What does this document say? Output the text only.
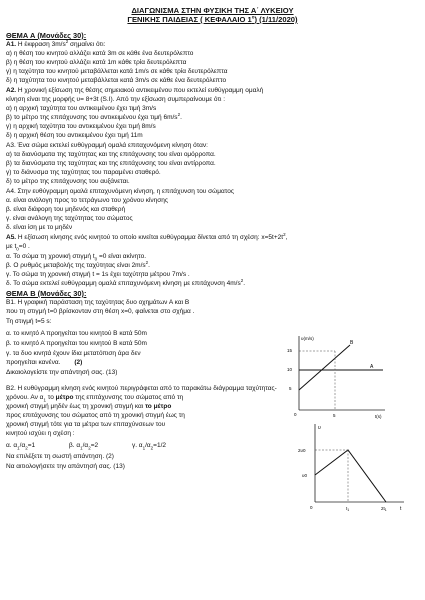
ΔΙΑΓΩΝΙΣΜΑ ΣΤΗΝ ΦΥΣΙΚΗ ΤΗΣ Α΄ ΛΥΚΕΙΟΥ
ΓΕΝΙΚΗΣ ΠΑΙΔΕΙΑΣ ( ΚΕΦΑΛΑΙΟ $1^o$) (1/11/2020)
ΘΕΜΑ Α (Μονάδες 30):
Α1. Η έκφραση $3m/s^2$ σημαίνει ότι:
α) η θέση του κινητού αλλάζει κατά 3m σε κάθε ένα δευτερόλεπτο
β) η θέση του κινητού αλλάζει κατά 1m κάθε τρία δευτερόλεπτα
γ) η ταχύτητα του κινητού μεταβάλλεται κατά 1m/s σε κάθε τρία δευτερόλεπτα
δ) η ταχύτητα του κινητού μεταβάλλεται κατά 3m/s σε κάθε ένα δευτερόλεπτο
Α2. Η χρονική εξίσωση της θέσης σημειακού αντικειμένου που εκτελεί ευθύγραμμη ομαλή
κίνηση είναι της μορφής υ= 8+3t (S.I). Από την εξίσωση συμπεραίνουμε ότι :
α) η αρχική ταχύτητα του αντικειμένου έχει τιμή 3m/s
β) το μέτρο της επιτάχυνσης του αντικειμένου έχει τιμή $6m/s^2$.
γ) η αρχική ταχύτητα του αντικειμένου έχει τιμή 8m/s
δ) η αρχική θέση του αντικειμένου έχει τιμή 11m
Α3. Ένα σώμα εκτελεί ευθύγραμμή ομαλά επιταχυνόμενη κίνηση όταν:
α) τα διανύσματα της ταχύτητας και της επιτάχυνσης του είναι ομόρροπα.
β) τα διανύσματα της ταχύτητας και της επιτάχυνσης του είναι αντίρροπα.
γ) το διάνυσμα της ταχύτητας του παραμένει σταθερό.
δ) το μέτρο της επιτάχυνσης του αυξάνεται.
Α4. Στην ευθύγραμμη ομαλά επιταχυνόμενη κίνηση, η επιτάχυνση του σώματος
α. είναι ανάλογη προς το τετράγωνο του χρόνου κίνησης
β. είναι διάφορη του μηδενός και σταθερή
γ. είναι ανάλογη της ταχύτητας του σώματος
δ. είναι ίση με το μηδέν
Α5. Η εξίσωση κίνησης ενός κινητού το οποίο κινείται ευθύγραμμα δίνεται από τη σχέση: $x=5t+2t^2$,
με $t_0=0$ .
α. Το σώμα τη χρονική στιγμή $t_0 =0$ είναι ακίνητο.
β. Ο ρυθμός μεταβολής της ταχύτητας είναι $2m/s^2$.
γ. Το σώμα τη χρονική στιγμή t = 1s έχει ταχύτητα μέτρου 7m/s .
δ. Το σώμα εκτελεί ευθύγραμμη ομαλά επιταχυνόμενη κίνηση με επιτάχυνση $4m/s^2$.
ΘΕΜΑ Β (Μονάδες 30):
Β1. Η γραφική παράσταση της ταχύτητας δυο οχημάτων Α και Β
που τη στιγμή t=0 βρίσκονταν στη θέση x=0, φαίνεται στο σχήμα .
Τη στιγμή t=5 s:
α. το κινητό Α προηγείται του κινητού Β κατά 50m
β. το κινητό Α προηγείται του κινητού Β κατά 50m
γ. τα δυο κινητά έχουν ίδια μετατόπιση άρα δεν
προηγείται κανένα. (2)
Δικαιολογείστε την απάντησή σας. (13)
υ(m/s)
t(s)
0
15
10
5
5
A
B
Β2. Η ευθύγραμμη κίνηση ενός κινητού περιγράφεται από το παρακάτω διάγραμμα ταχύτητας-
χρόνου. Αν $\alpha_1$ το μέτρο της επιτάχυνσης του σώματος από τη
χρονική στιγμή μηδέν έως τη χρονική στιγμή και το μέτρο
προς επιτάχυνσης του σώματος από τη χρονική στιγμή έως τη
χρονική στιγμή τότε για τα μέτρα των επιταχύνσεων του
κινητού ισχύει η σχέση :
α. $\alpha_1/\alpha_2=1$	β. $\alpha_1/\alpha_2=2$	γ. $\alpha_1/\alpha_2=1/2$
Να επιλέξετε τη σωστή απάντηση. (2)
Να αιτιολογήσετε την απάντησή σας. (13)
υ
t
0
2υ0
υ0
$t_1$	$2t_1$
